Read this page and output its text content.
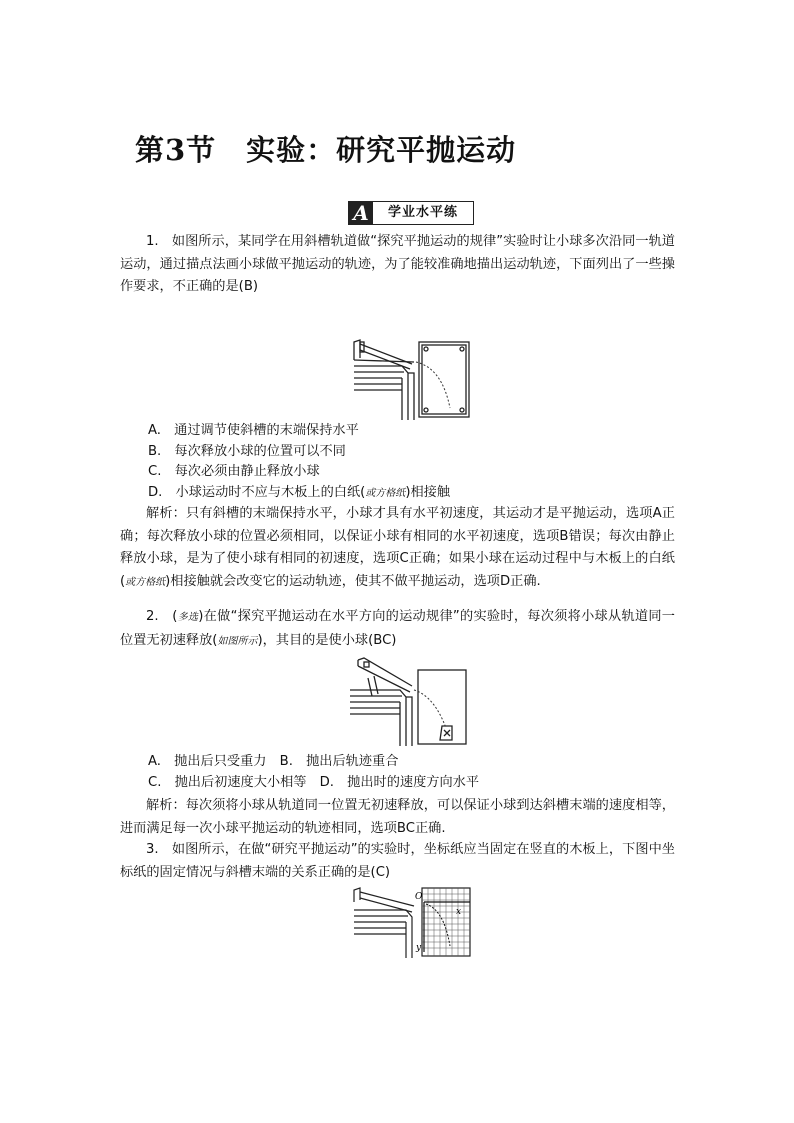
第3节　实验：研究平抛运动
A	学业水平练
1.　如图所示，某同学在用斜槽轨道做“探究平抛运动的规律”实验时让小球多次沿同一轨道运动，通过描点法画小球做平抛运动的轨迹，为了能较准确地描出运动轨迹，下面列出了一些操作要求，不正确的是(B)
A.　通过调节使斜槽的末端保持水平
B.　每次释放小球的位置可以不同
C.　每次必须由静止释放小球
D.　小球运动时不应与木板上的白纸(或方格纸)相接触
解析：只有斜槽的末端保持水平，小球才具有水平初速度，其运动才是平抛运动，选项A正确；每次释放小球的位置必须相同，以保证小球有相同的水平初速度，选项B错误；每次由静止释放小球，是为了使小球有相同的初速度，选项C正确；如果小球在运动过程中与木板上的白纸(或方格纸)相接触就会改变它的运动轨迹，使其不做平抛运动，选项D正确.
2.　(多选)在做“探究平抛运动在水平方向的运动规律”的实验时，每次须将小球从轨道同一位置无初速释放(如图所示)，其目的是使小球(BC)
A.　抛出后只受重力　B.　抛出后轨迹重合
C.　抛出后初速度大小相等　D.　抛出时的速度方向水平
解析：每次须将小球从轨道同一位置无初速释放，可以保证小球到达斜槽末端的速度相等，进而满足每一次小球平抛运动的轨迹相同，选项BC正确.
3.　如图所示，在做“研究平抛运动”的实验时，坐标纸应当固定在竖直的木板上，下图中坐标纸的固定情况与斜槽末端的关系正确的是(C)
O
x
y
